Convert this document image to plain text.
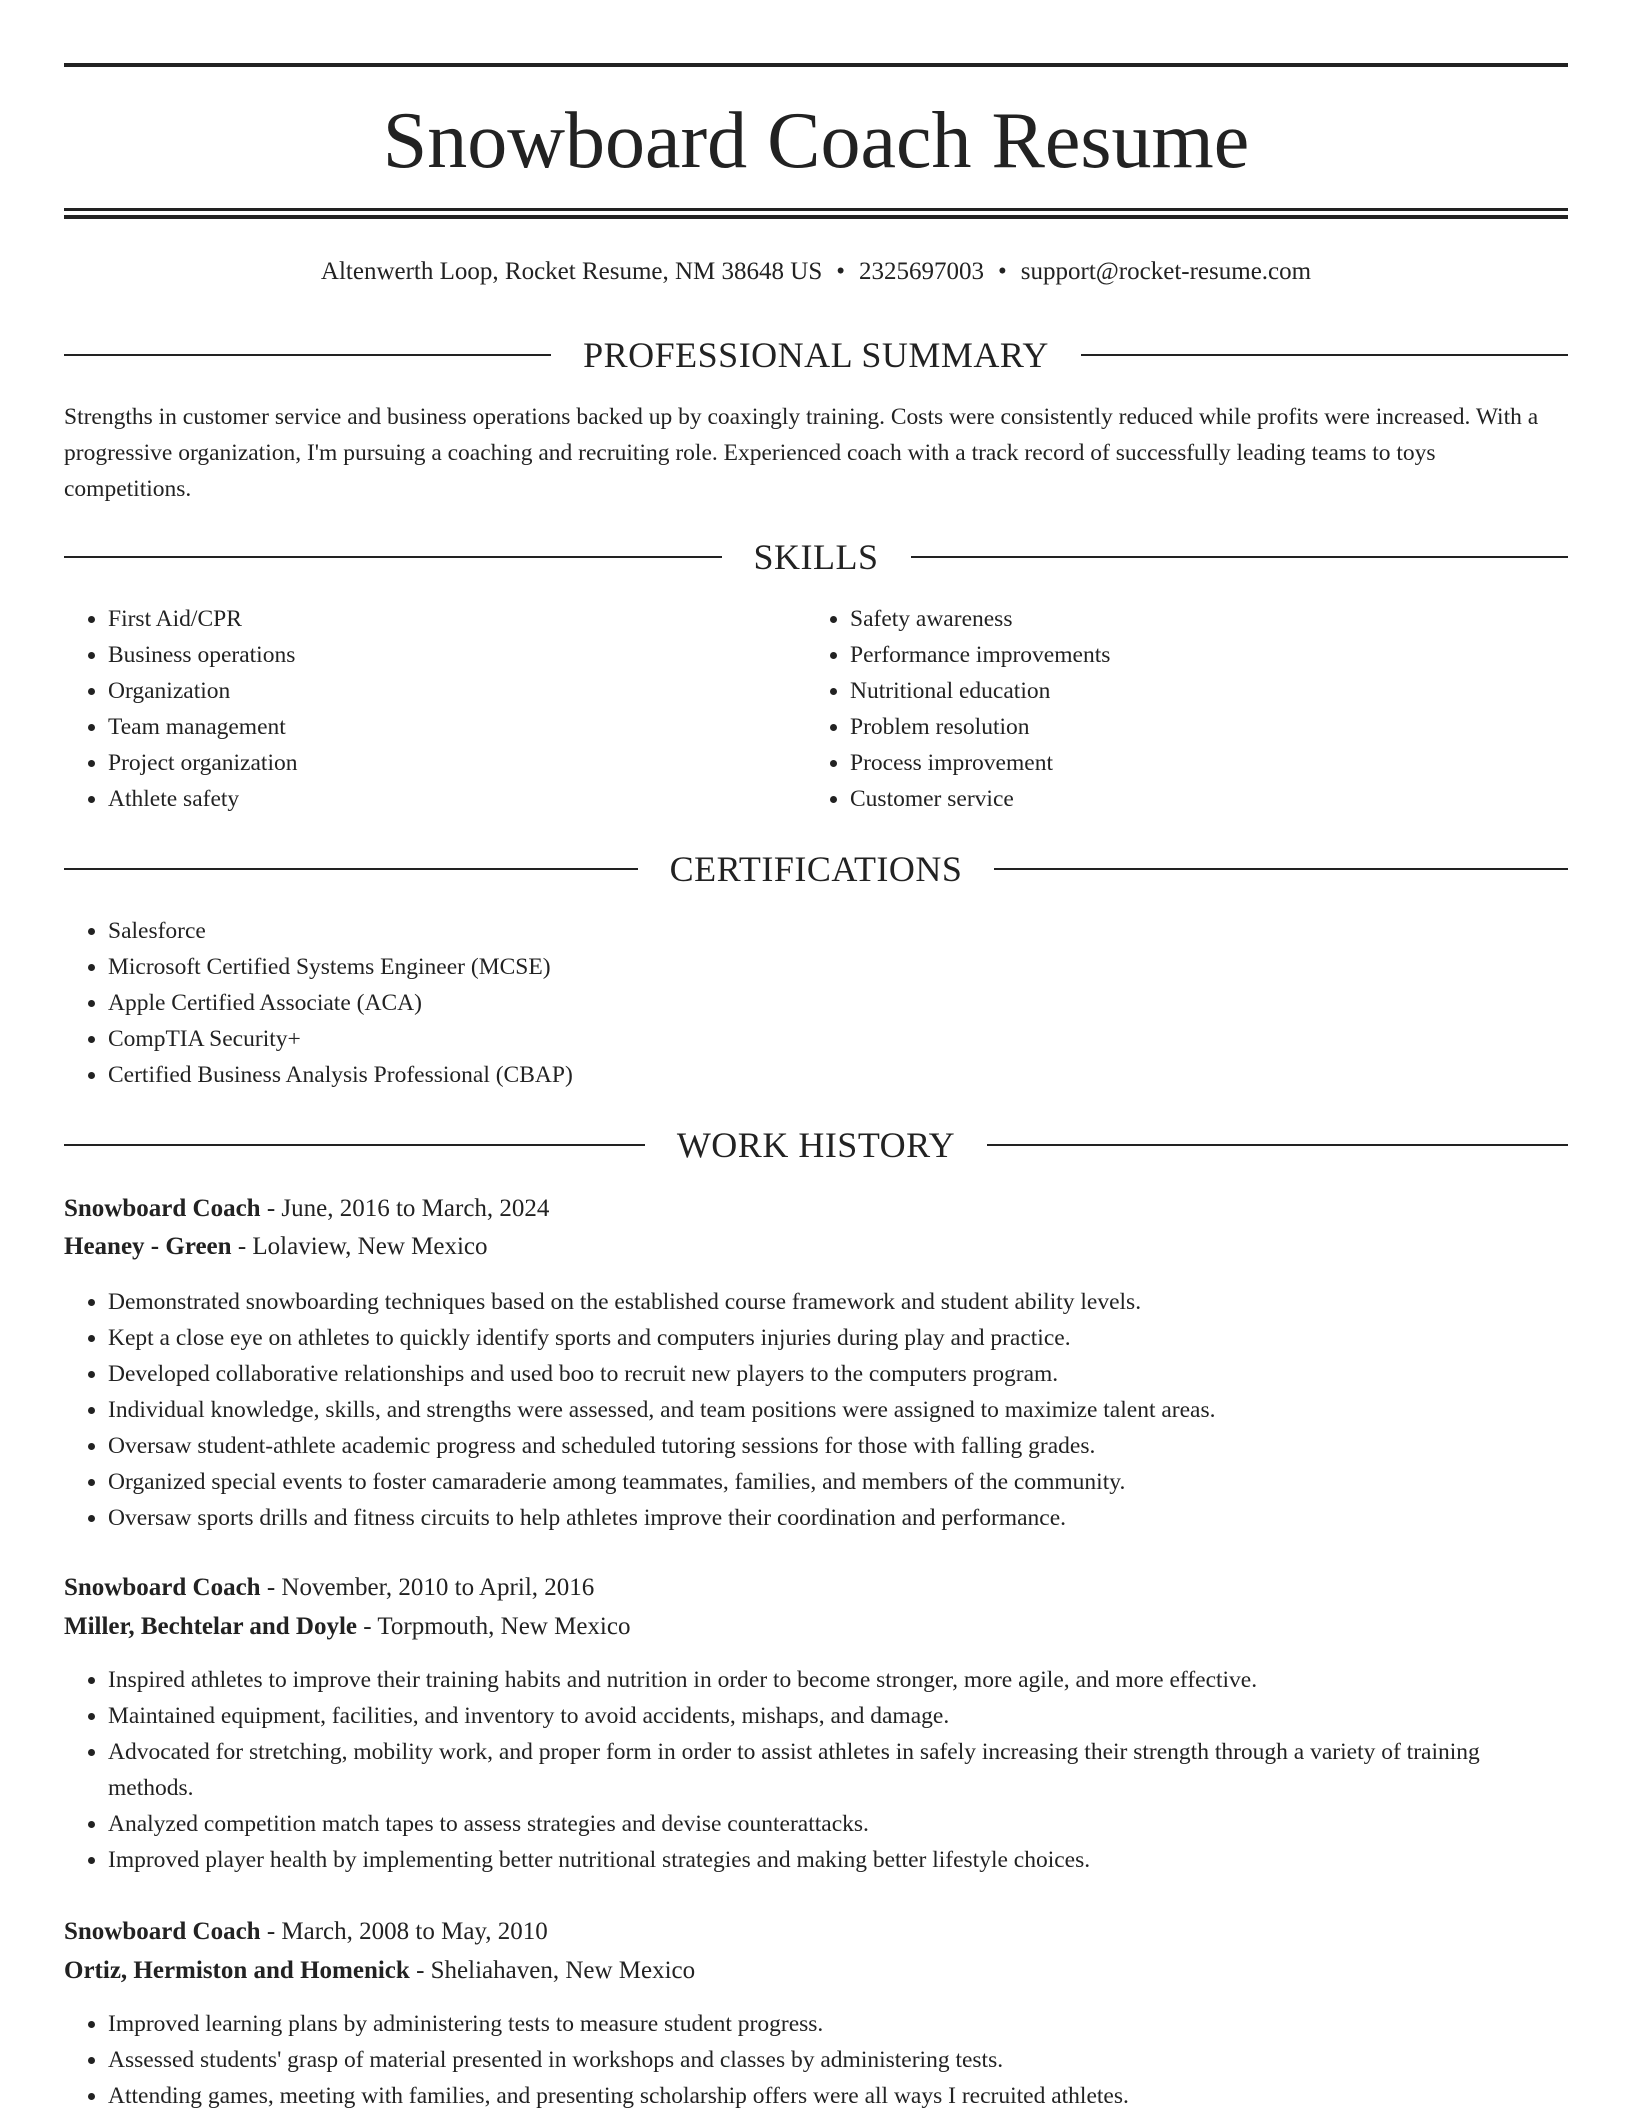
Snowboard Coach Resume
Altenwerth Loop, Rocket Resume, NM 38648 US • 2325697003 • support@rocket-resume.com
PROFESSIONAL SUMMARY

Strengths in customer service and business operations backed up by coaxingly training. Costs were consistently reduced while profits were increased. With a progressive organization, I'm pursuing a coaching and recruiting role. Experienced coach with a track record of successfully leading teams to toys competitions.

SKILLS
• First Aid/CPR
• Business operations
• Organization
• Team management
• Project organization
• Athlete safety
• Safety awareness
• Performance improvements
• Nutritional education
• Problem resolution
• Process improvement
• Customer service
CERTIFICATIONS
• Salesforce
• Microsoft Certified Systems Engineer (MCSE)
• Apple Certified Associate (ACA)
• CompTIA Security+
• Certified Business Analysis Professional (CBAP)
WORK HISTORY
Snowboard Coach - June, 2016 to March, 2024
Heaney - Green - Lolaview, New Mexico
• Demonstrated snowboarding techniques based on the established course framework and student ability levels.
• Kept a close eye on athletes to quickly identify sports and computers injuries during play and practice.
• Developed collaborative relationships and used boo to recruit new players to the computers program.
• Individual knowledge, skills, and strengths were assessed, and team positions were assigned to maximize talent areas.
• Oversaw student-athlete academic progress and scheduled tutoring sessions for those with falling grades.
• Organized special events to foster camaraderie among teammates, families, and members of the community.
• Oversaw sports drills and fitness circuits to help athletes improve their coordination and performance.
Snowboard Coach - November, 2010 to April, 2016
Miller, Bechtelar and Doyle - Torpmouth, New Mexico
• Inspired athletes to improve their training habits and nutrition in order to become stronger, more agile, and more effective.
• Maintained equipment, facilities, and inventory to avoid accidents, mishaps, and damage.
• Advocated for stretching, mobility work, and proper form in order to assist athletes in safely increasing their strength through a variety of training methods.
• Analyzed competition match tapes to assess strategies and devise counterattacks.
• Improved player health by implementing better nutritional strategies and making better lifestyle choices.
Snowboard Coach - March, 2008 to May, 2010
Ortiz, Hermiston and Homenick - Sheliahaven, New Mexico
• Improved learning plans by administering tests to measure student progress.
• Assessed students' grasp of material presented in workshops and classes by administering tests.
• Attending games, meeting with families, and presenting scholarship offers were all ways I recruited athletes.
